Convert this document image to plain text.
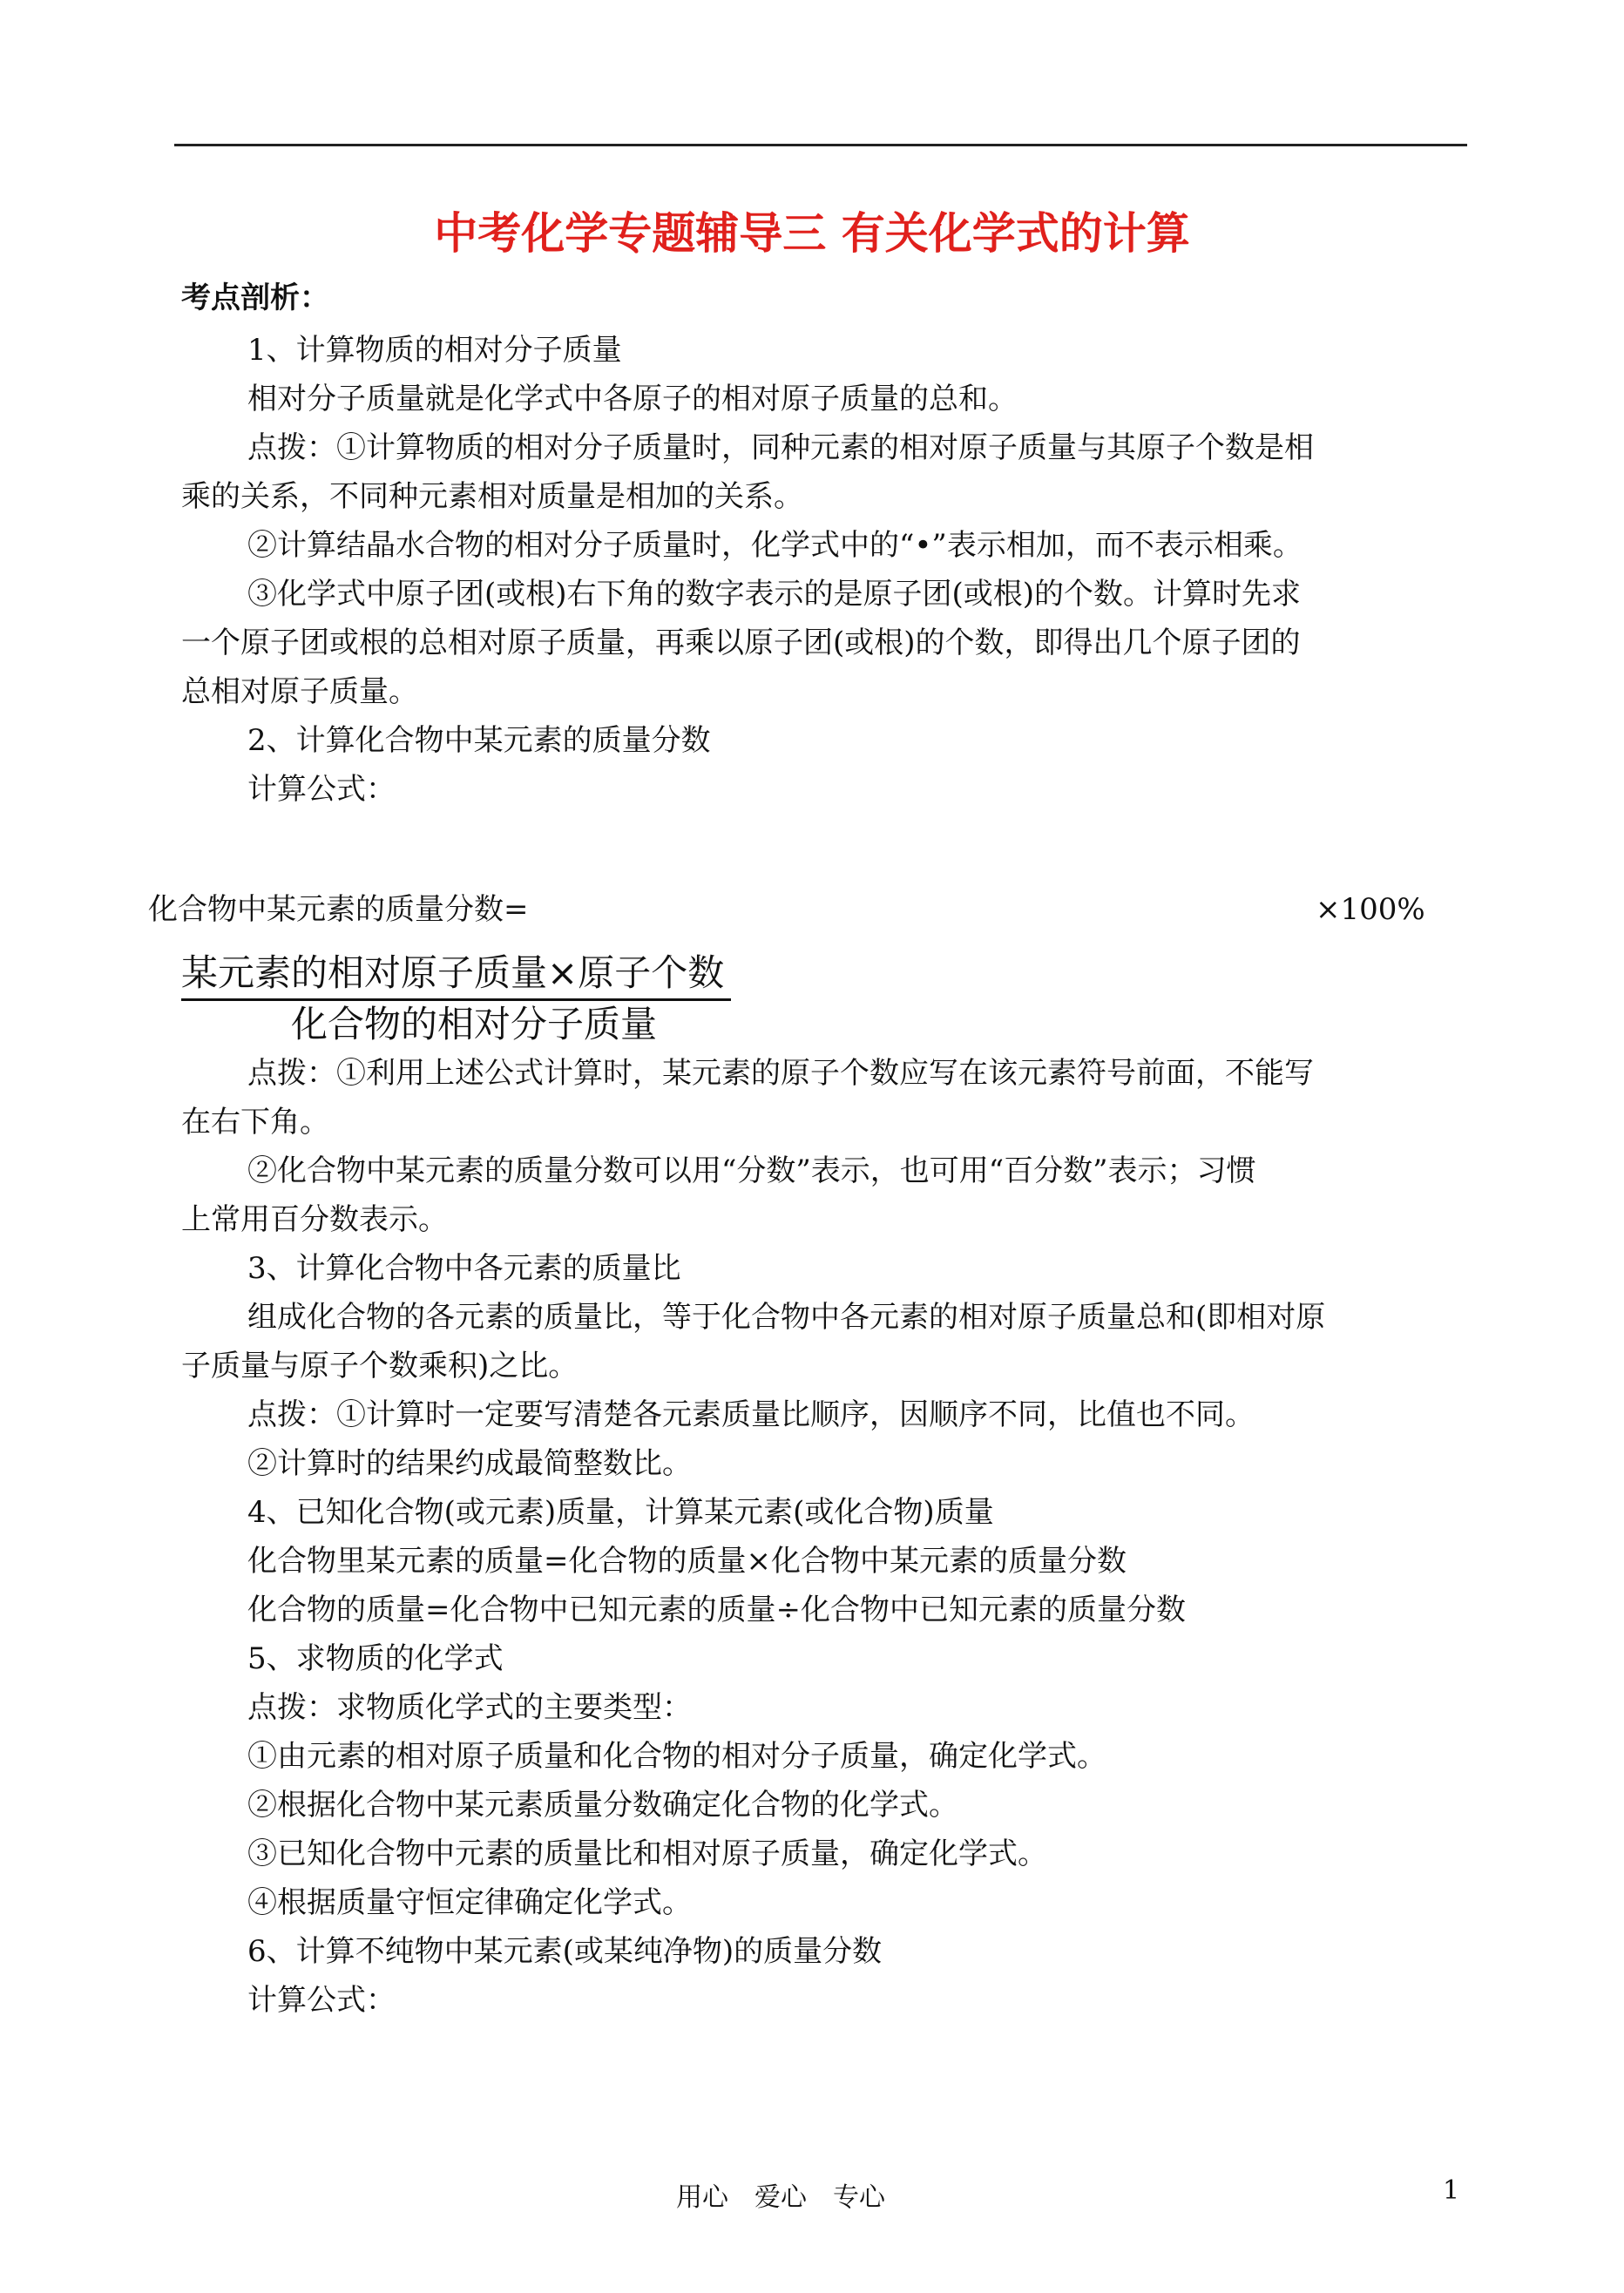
中考化学专题辅导三 有关化学式的计算
考点剖析：
1、计算物质的相对分子质量
相对分子质量就是化学式中各原子的相对原子质量的总和。
点拨：①计算物质的相对分子质量时，同种元素的相对原子质量与其原子个数是相
乘的关系，不同种元素相对质量是相加的关系。
②计算结晶水合物的相对分子质量时，化学式中的“•”表示相加，而不表示相乘。
③化学式中原子团(或根)右下角的数字表示的是原子团(或根)的个数。计算时先求
一个原子团或根的总相对原子质量，再乘以原子团(或根)的个数，即得出几个原子团的
总相对原子质量。
2、计算化合物中某元素的质量分数
计算公式：
化合物中某元素的质量分数=	×100%
某元素的相对原子质量×原子个数
化合物的相对分子质量
点拨：①利用上述公式计算时，某元素的原子个数应写在该元素符号前面，不能写
在右下角。
②化合物中某元素的质量分数可以用“分数”表示，也可用“百分数”表示；习惯
上常用百分数表示。
3、计算化合物中各元素的质量比
组成化合物的各元素的质量比，等于化合物中各元素的相对原子质量总和(即相对原
子质量与原子个数乘积)之比。
点拨：①计算时一定要写清楚各元素质量比顺序，因顺序不同，比值也不同。
②计算时的结果约成最简整数比。
4、已知化合物(或元素)质量，计算某元素(或化合物)质量
化合物里某元素的质量=化合物的质量×化合物中某元素的质量分数
化合物的质量=化合物中已知元素的质量÷化合物中已知元素的质量分数
5、求物质的化学式
点拨：求物质化学式的主要类型：
①由元素的相对原子质量和化合物的相对分子质量，确定化学式。
②根据化合物中某元素质量分数确定化合物的化学式。
③已知化合物中元素的质量比和相对原子质量，确定化学式。
④根据质量守恒定律确定化学式。
6、计算不纯物中某元素(或某纯净物)的质量分数
计算公式：
用心　爱心　专心	1
